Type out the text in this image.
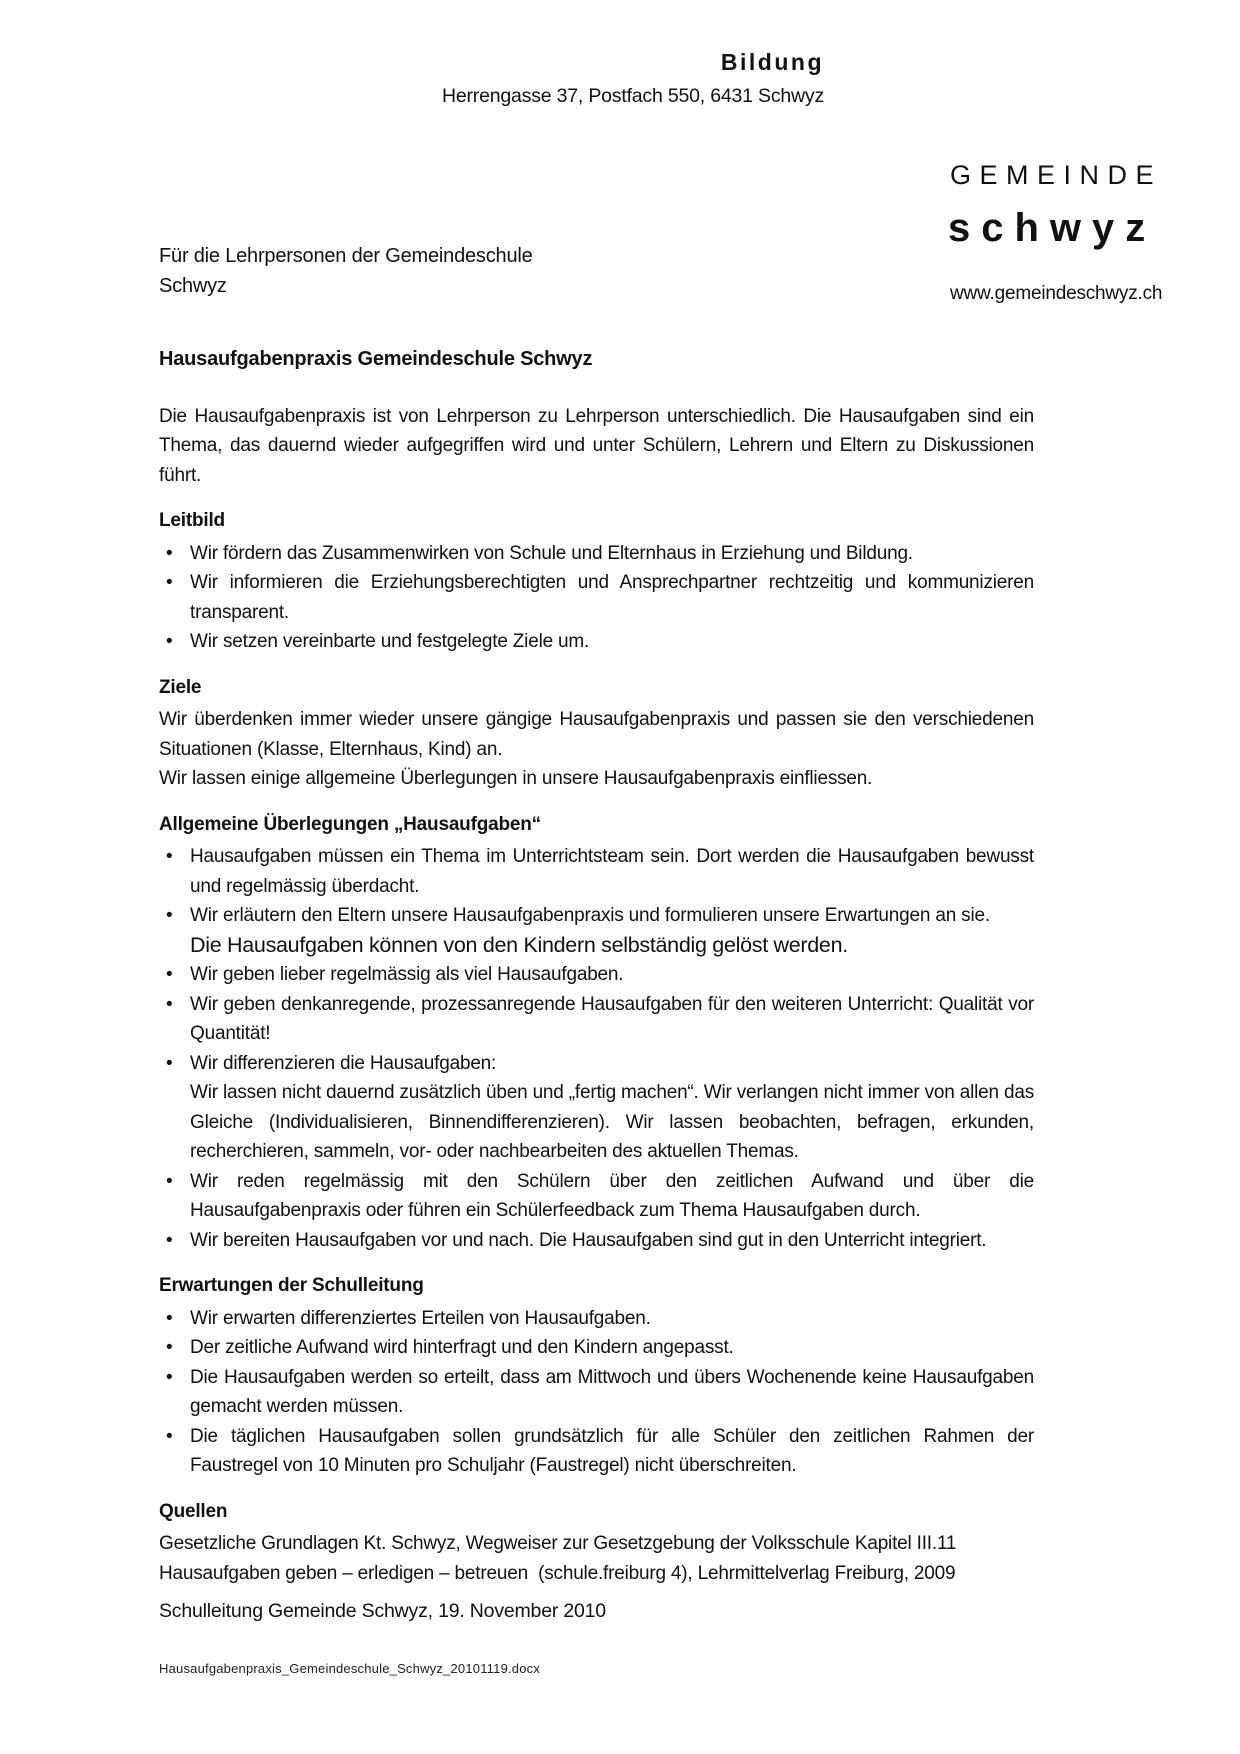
Bildung
Herrengasse 37, Postfach 550, 6431 Schwyz
GEMEINDE
schwyz
www.gemeindeschwyz.ch
Für die Lehrpersonen der Gemeindeschule
Schwyz
Hausaufgabenpraxis Gemeindeschule Schwyz

Die Hausaufgabenpraxis ist von Lehrperson zu Lehrperson unterschiedlich. Die Hausaufgaben sind ein Thema, das dauernd wieder aufgegriffen wird und unter Schülern, Lehrern und Eltern zu Diskussionen führt.

Leitbild
• Wir fördern das Zusammenwirken von Schule und Elternhaus in Erziehung und Bildung.
• Wir informieren die Erziehungsberechtigten und Ansprechpartner rechtzeitig und kommunizieren transparent.
• Wir setzen vereinbarte und festgelegte Ziele um.
Ziele

Wir überdenken immer wieder unsere gängige Hausaufgabenpraxis und passen sie den verschiedenen Situationen (Klasse, Elternhaus, Kind) an.

Wir lassen einige allgemeine Überlegungen in unsere Hausaufgabenpraxis einfliessen.

Allgemeine Überlegungen „Hausaufgaben“
• Hausaufgaben müssen ein Thema im Unterrichtsteam sein. Dort werden die Hausaufgaben bewusst und regelmässig überdacht.
• Wir erläutern den Eltern unsere Hausaufgabenpraxis und formulieren unsere Erwartungen an sie.
Die Hausaufgaben können von den Kindern selbständig gelöst werden.
• Wir geben lieber regelmässig als viel Hausaufgaben.
• Wir geben denkanregende, prozessanregende Hausaufgaben für den weiteren Unterricht: Qualität vor Quantität!
• Wir differenzieren die Hausaufgaben:
Wir lassen nicht dauernd zusätzlich üben und „fertig machen“. Wir verlangen nicht immer von allen das Gleiche (Individualisieren, Binnendifferenzieren). Wir lassen beobachten, befragen, erkunden, recherchieren, sammeln, vor- oder nachbearbeiten des aktuellen Themas.
• Wir reden regelmässig mit den Schülern über den zeitlichen Aufwand und über die Hausaufgabenpraxis oder führen ein Schülerfeedback zum Thema Hausaufgaben durch.
• Wir bereiten Hausaufgaben vor und nach. Die Hausaufgaben sind gut in den Unterricht integriert.
Erwartungen der Schulleitung
• Wir erwarten differenziertes Erteilen von Hausaufgaben.
• Der zeitliche Aufwand wird hinterfragt und den Kindern angepasst.
• Die Hausaufgaben werden so erteilt, dass am Mittwoch und übers Wochenende keine Hausaufgaben gemacht werden müssen.
• Die täglichen Hausaufgaben sollen grundsätzlich für alle Schüler den zeitlichen Rahmen der Faustregel von 10 Minuten pro Schuljahr (Faustregel) nicht überschreiten.
Quellen

Gesetzliche Grundlagen Kt. Schwyz, Wegweiser zur Gesetzgebung der Volksschule Kapitel III.11

Hausaufgaben geben – erledigen – betreuen  (schule.freiburg 4), Lehrmittelverlag Freiburg, 2009

Schulleitung Gemeinde Schwyz, 19. November 2010
Hausaufgabenpraxis_Gemeindeschule_Schwyz_20101119.docx
